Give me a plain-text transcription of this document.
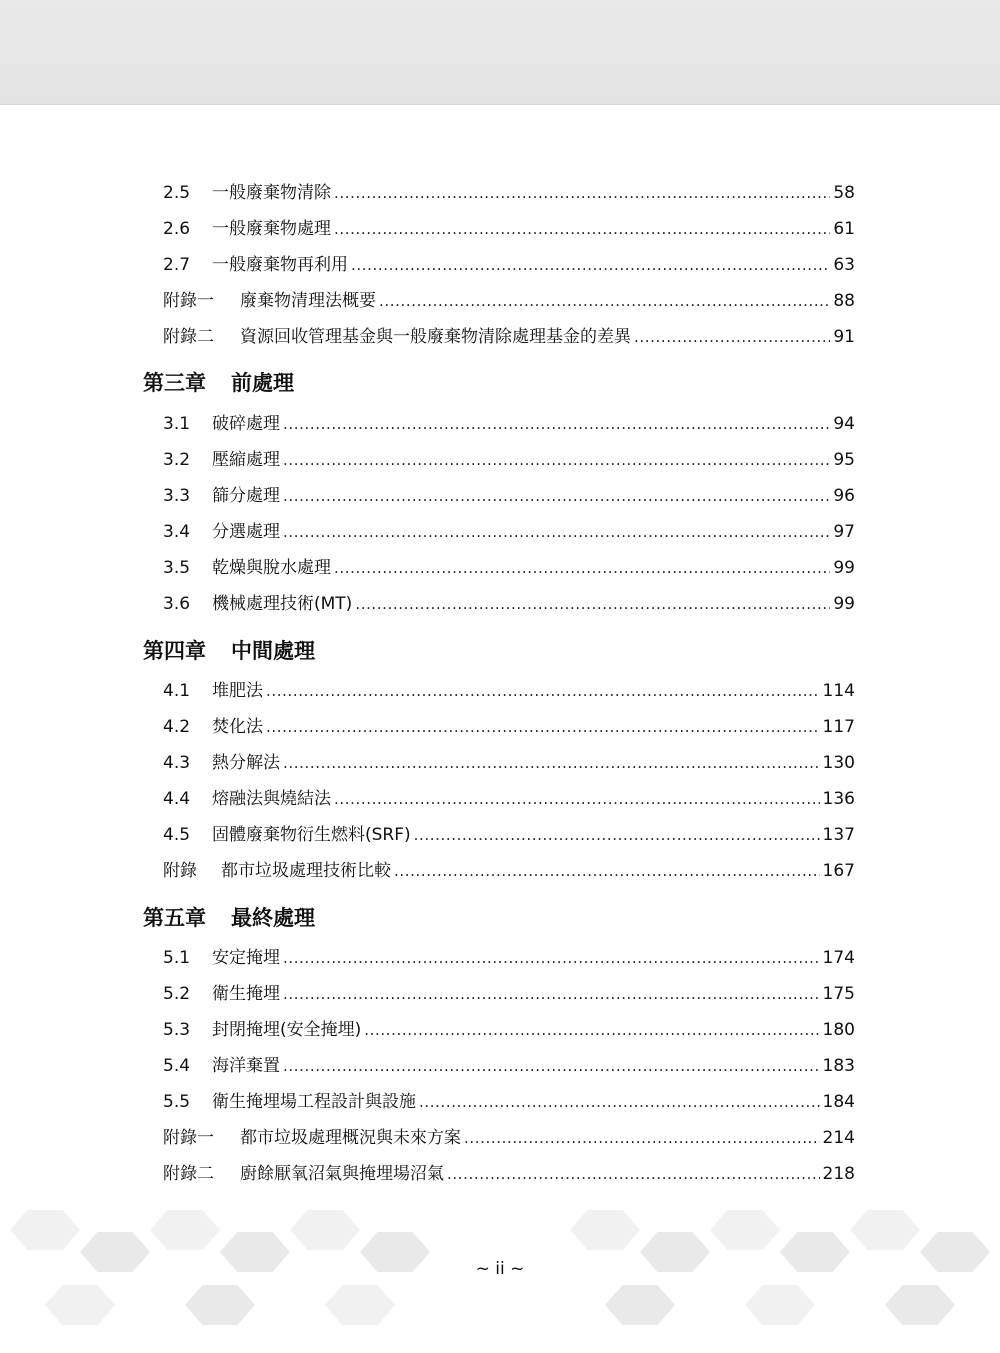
2.5	一般廢棄物清除 .....	58
2.6	一般廢棄物處理 .....	61
2.7	一般廢棄物再利用 .....	63
附錄一	廢棄物清理法概要 .....	88
附錄二	資源回收管理基金與一般廢棄物清除處理基金的差異 .....	91
第三章 前處理
3.1	破碎處理 .....	94
3.2	壓縮處理 .....	95
3.3	篩分處理 .....	96
3.4	分選處理 .....	97
3.5	乾燥與脫水處理 .....	99
3.6	機械處理技術(MT) .....	99
第四章 中間處理
4.1	堆肥法 .....	114
4.2	焚化法 .....	117
4.3	熱分解法 .....	130
4.4	熔融法與燒結法 .....	136
4.5	固體廢棄物衍生燃料(SRF) .....	137
附錄	都市垃圾處理技術比較 .....	167
第五章 最終處理
5.1	安定掩埋 .....	174
5.2	衛生掩埋 .....	175
5.3	封閉掩埋(安全掩埋) .....	180
5.4	海洋棄置 .....	183
5.5	衛生掩埋場工程設計與設施 .....	184
附錄一	都市垃圾處理概況與未來方案 .....	214
附錄二	廚餘厭氧沼氣與掩埋場沼氣 .....	218
~ ii ~
